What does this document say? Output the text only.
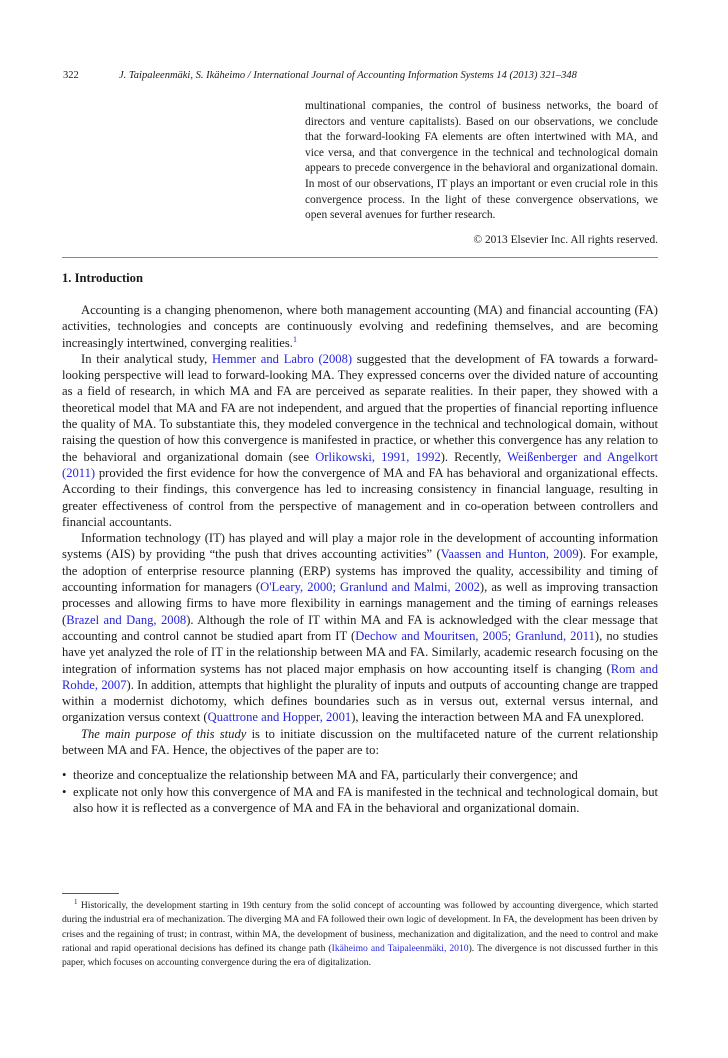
322	J. Taipaleenmäki, S. Ikäheimo / International Journal of Accounting Information Systems 14 (2013) 321–348
multinational companies, the control of business networks, the board of directors and venture capitalists). Based on our observations, we conclude that the forward-looking FA elements are often intertwined with MA, and vice versa, and that convergence in the technical and technological domain appears to precede convergence in the behavioral and organizational domain. In most of our observations, IT plays an important or even crucial role in this convergence process. In the light of these convergence observations, we open several avenues for further research.
© 2013 Elsevier Inc. All rights reserved.
1. Introduction

Accounting is a changing phenomenon, where both management accounting (MA) and financial accounting (FA) activities, technologies and concepts are continuously evolving and redefining themselves, and are becoming increasingly intertwined, converging realities.$^1$

In their analytical study, Hemmer and Labro (2008) suggested that the development of FA towards a forward-looking perspective will lead to forward-looking MA. They expressed concerns over the divided nature of accounting as a field of research, in which MA and FA are perceived as separate realities. In their paper, they showed with a theoretical model that MA and FA are not independent, and argued that the properties of financial reporting influence the quality of MA. To substantiate this, they modeled convergence in the technical and technological domain, without raising the question of how this convergence is manifested in practice, or whether this convergence has any relation to the behavioral and organizational domain (see Orlikowski, 1991, 1992). Recently, Weißenberger and Angelkort (2011) provided the first evidence for how the convergence of MA and FA has behavioral and organizational effects. According to their findings, this convergence has led to increasing consistency in financial language, resulting in greater effectiveness of control from the perspective of management and in co-operation between controllers and financial accountants.

Information technology (IT) has played and will play a major role in the development of accounting information systems (AIS) by providing “the push that drives accounting activities” (Vaassen and Hunton, 2009). For example, the adoption of enterprise resource planning (ERP) systems has improved the quality, accessibility and timing of accounting information for managers (O'Leary, 2000; Granlund and Malmi, 2002), as well as improving transaction processes and allowing firms to have more flexibility in earnings management and the timing of earnings releases (Brazel and Dang, 2008). Although the role of IT within MA and FA is acknowledged with the clear message that accounting and control cannot be studied apart from IT (Dechow and Mouritsen, 2005; Granlund, 2011), no studies have yet analyzed the role of IT in the relationship between MA and FA. Similarly, academic research focusing on the integration of information systems has not placed major emphasis on how accounting itself is changing (Rom and Rohde, 2007). In addition, attempts that highlight the plurality of inputs and outputs of accounting change are trapped within a modernist dichotomy, which defines boundaries such as in versus out, external versus internal, and organization versus context (Quattrone and Hopper, 2001), leaving the interaction between MA and FA unexplored.

The main purpose of this study is to initiate discussion on the multifaceted nature of the current relationship between MA and FA. Hence, the objectives of the paper are to:

• theorize and conceptualize the relationship between MA and FA, particularly their convergence; and
• explicate not only how this convergence of MA and FA is manifested in the technical and technological domain, but also how it is reflected as a convergence of MA and FA in the behavioral and organizational domain.

$^1$ Historically, the development starting in 19th century from the solid concept of accounting was followed by accounting divergence, which started during the industrial era of mechanization. The diverging MA and FA followed their own logic of development. In FA, the development has been driven by crises and the regaining of trust; in contrast, within MA, the development of business, mechanization and digitalization, and the need to control and make rational and rapid operational decisions has defined its change path (Ikäheimo and Taipaleenmäki, 2010). The divergence is not discussed further in this paper, which focuses on accounting convergence during the era of digitalization.
